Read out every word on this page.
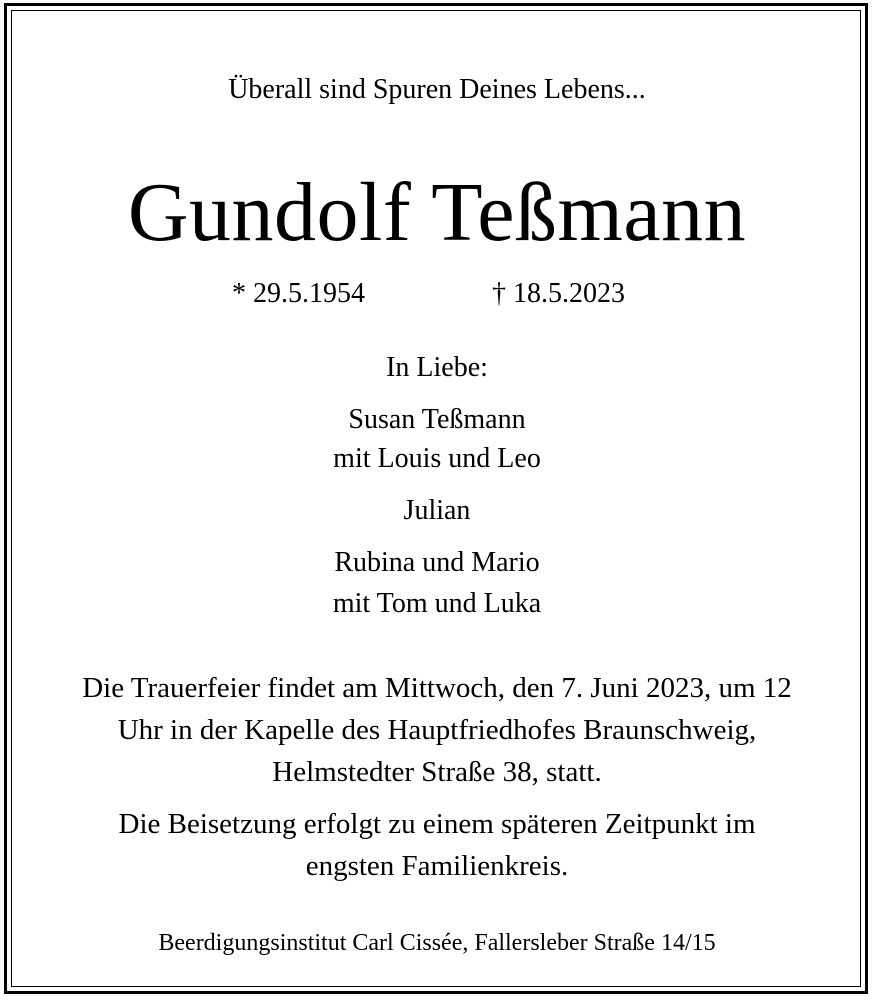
Überall sind Spuren Deines Lebens...
Gundolf Teßmann
* 29.5.1954	† 18.5.2023
In Liebe:
Susan Teßmann
mit Louis und Leo
Julian
Rubina und Mario
mit Tom und Luka
Die Trauerfeier findet am Mittwoch, den 7. Juni 2023, um 12
Uhr in der Kapelle des Hauptfriedhofes Braunschweig,
Helmstedter Straße 38, statt.
Die Beisetzung erfolgt zu einem späteren Zeitpunkt im
engsten Familienkreis.
Beerdigungsinstitut Carl Cissée, Fallersleber Straße 14/15
